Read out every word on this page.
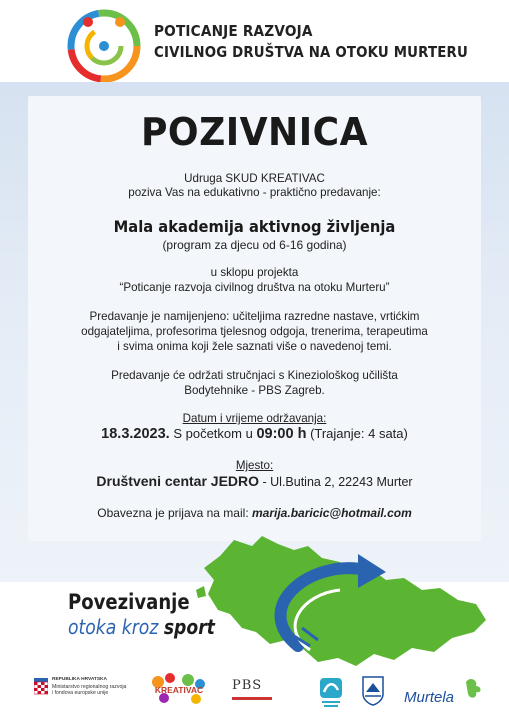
POTICANJE RAZVOJA
CIVILNOG DRUŠTVA NA OTOKU MURTERU
POZIVNICA
Udruga SKUD KREATIVAC
poziva Vas na edukativno - praktično predavanje:
Mala akademija aktivnog življenja
(program za djecu od 6-16 godina)
u sklopu projekta
“Poticanje razvoja civilnog društva na otoku Murteru”
Predavanje je namijenjeno: učiteljima razredne nastave, vrtićkim
odgajateljima, profesorima tjelesnog odgoja, trenerima, terapeutima
i svima onima koji žele saznati više o navedenoj temi.
Predavanje će održati stručnjaci s Kineziološkog učilišta
Bodytehnike - PBS Zagreb.
Datum i vrijeme održavanja:
18.3.2023. S početkom u 09:00 h (Trajanje: 4 sata)
Mjesto:
Društveni centar JEDRO - Ul.Butina 2, 22243 Murter
Obavezna je prijava na mail: marija.baricic@hotmail.com
Povezivanje
otoka kroz sport
REPUBLIKA HRVATSKA
Ministarstvo regionalnog razvoja
i fondova europske unije	KREATIVAC PBS
Murtela
